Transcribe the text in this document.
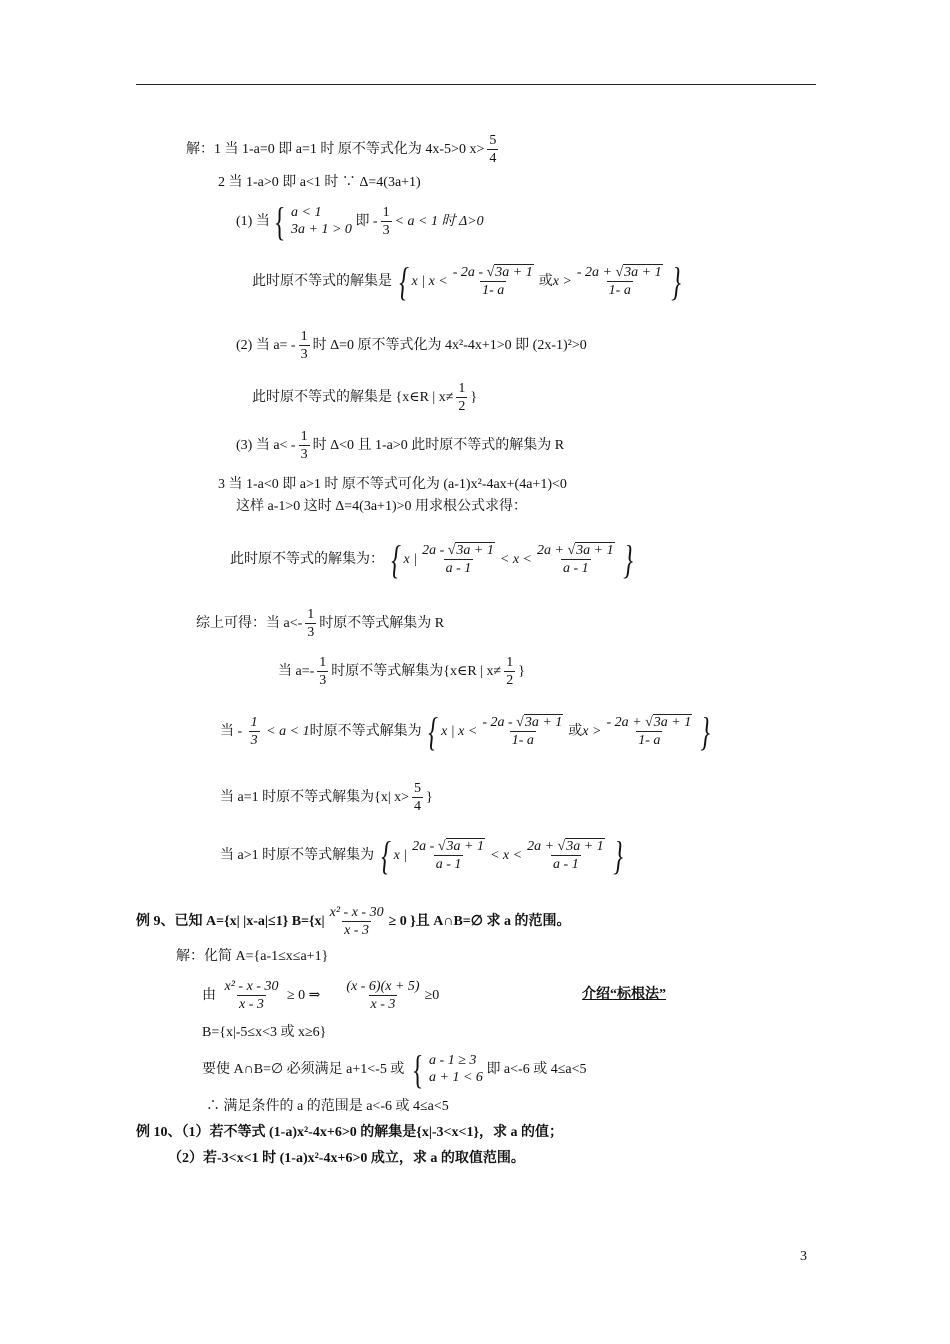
解：1 当 1-a=0 即 a=1 时 原不等式化为 4x-5>0 $x> \frac{5}{4}$
2 当 1-a>0 即 a<1 时 ∵ Δ=4(3a+1)
(1) 当 { a < 1
3a + 1 > 0
即 - $\frac{1}{3} < a < 1$ 时 Δ>0
此时原不等式的解集是 { x | $x < \frac{- 2a - √3a + 1}{1- a}$ 或 $x > \frac{- 2a + √3a + 1}{1- a}$ }
(2) 当 $a= - \frac{1}{3}$ 时 Δ=0 原不等式化为 4x²-4x+1>0 即 (2x-1)²>0
此时原不等式的解集是 {x∈R | $x\ne \frac{1}{2}$ }
(3) 当 $a< - \frac{1}{3}$ 时 Δ<0 且 1-a>0 此时原不等式的解集为 R
3 当 1-a<0 即 a>1 时 原不等式可化为 (a-1)x²-4ax+(4a+1)<0
这样 a-1>0 这时 Δ=4(3a+1)>0 用求根公式求得：
此时原不等式的解集为： { x | $\frac{2a - √3a + 1}{a - 1} < x < \frac{2a + √3a + 1}{a - 1}$ }
综上可得：当 $a<- \frac{1}{3}$ 时原不等式解集为 R
当 $a=- \frac{1}{3}$ 时原不等式解集为{x∈R | $x\ne \frac{1}{2}$ }
当 - $\frac{1}{3} < a < 1$时原不等式解集为 { x | $x < \frac{- 2a - √3a + 1}{1- a}$ 或 $x > \frac{- 2a + √3a + 1}{1- a}$ }
当 a=1 时原不等式解集为{x| $x> \frac{5}{4}$ }
当 a>1 时原不等式解集为 { x | $\frac{2a - √3a + 1}{a - 1} < x < \frac{2a + √3a + 1}{a - 1}$ }
例 9、已知 A={x| |x-a|≤1} $B=\{x| \frac{\text{x² - x - 30}}{x - 3} \ge 0$ }且 A∩B=∅ 求 a 的范围。
解：化简 A={a-1≤x≤a+1}
由 $\frac{\text{x² - x - 30}}{x - 3} \ge 0$ ⇒ $\frac{(x - 6)(x + 5)}{x - 3} \ge 0$	介绍“标根法”
B={x|-5≤x<3 或 x≥6}
要使 A∩B=∅ 必须满足 a+1<-5 或 { a - 1 ≥ 3
a + 1 < 6
即 a<-6 或 4≤a<5
∴ 满足条件的 a 的范围是 a<-6 或 4≤a<5
例 10、（1）若不等式 (1-a)x²-4x+6>0 的解集是{x|-3<x<1}，求 a 的值；
（2）若-3<x<1 时 (1-a)x²-4x+6>0 成立，求 a 的取值范围。
3
